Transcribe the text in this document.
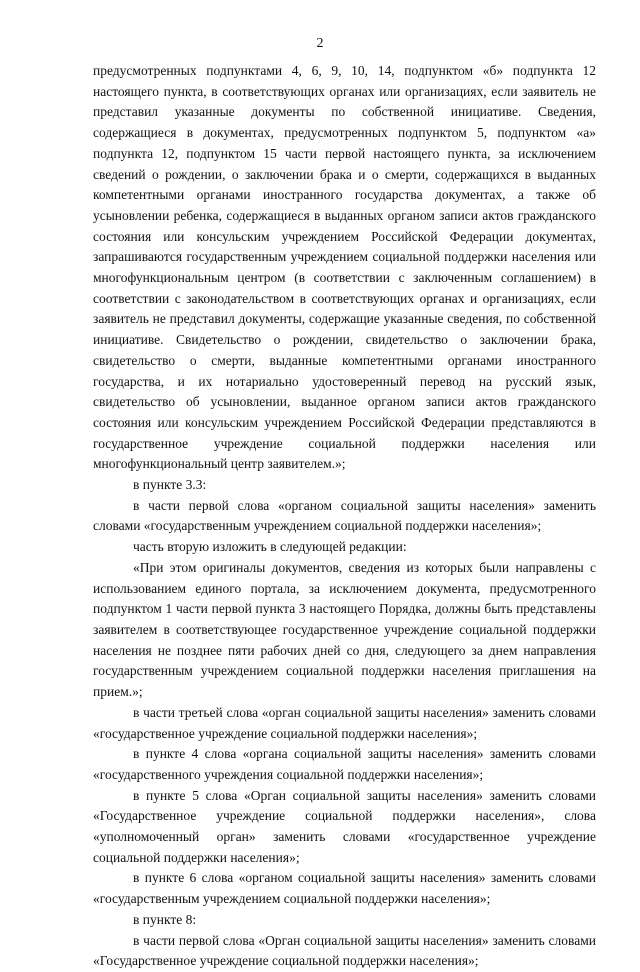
2

предусмотренных подпунктами 4, 6, 9, 10, 14, подпунктом «б» подпункта 12 настоящего пункта, в соответствующих органах или организациях, если заявитель не представил указанные документы по собственной инициативе. Сведения, содержащиеся в документах, предусмотренных подпунктом 5, подпунктом «а» подпункта 12, подпунктом 15 части первой настоящего пункта, за исключением сведений о рождении, о заключении брака и о смерти, содержащихся в выданных компетентными органами иностранного государства документах, а также об усыновлении ребенка, содержащиеся в выданных органом записи актов гражданского состояния или консульским учреждением Российской Федерации документах, запрашиваются государственным учреждением социальной поддержки населения или многофункциональным центром (в соответствии с заключенным соглашением) в соответствии с законодательством в соответствующих органах и организациях, если заявитель не представил документы, содержащие указанные сведения, по собственной инициативе. Свидетельство о рождении, свидетельство о заключении брака, свидетельство о смерти, выданные компетентными органами иностранного государства, и их нотариально удостоверенный перевод на русский язык, свидетельство об усыновлении, выданное органом записи актов гражданского состояния или консульским учреждением Российской Федерации представляются в государственное учреждение социальной поддержки населения или многофункциональный центр заявителем.»;

в пункте 3.3:

в части первой слова «органом социальной защиты населения» заменить словами «государственным учреждением социальной поддержки населения»;

часть вторую изложить в следующей редакции:

«При этом оригиналы документов, сведения из которых были направлены с использованием единого портала, за исключением документа, предусмотренного подпунктом 1 части первой пункта 3 настоящего Порядка, должны быть представлены заявителем в соответствующее государственное учреждение социальной поддержки населения не позднее пяти рабочих дней со дня, следующего за днем направления государственным учреждением социальной поддержки населения приглашения на прием.»;

в части третьей слова «орган социальной защиты населения» заменить словами «государственное учреждение социальной поддержки населения»;

в пункте 4 слова «органа социальной защиты населения» заменить словами «государственного учреждения социальной поддержки населения»;

в пункте 5 слова «Орган социальной защиты населения» заменить словами «Государственное учреждение социальной поддержки населения», слова «уполномоченный орган» заменить словами «государственное учреждение социальной поддержки населения»;

в пункте 6 слова «органом социальной защиты населения» заменить словами «государственным учреждением социальной поддержки населения»;

в пункте 8:

в части первой слова «Орган социальной защиты населения» заменить словами «Государственное учреждение социальной поддержки населения»;
